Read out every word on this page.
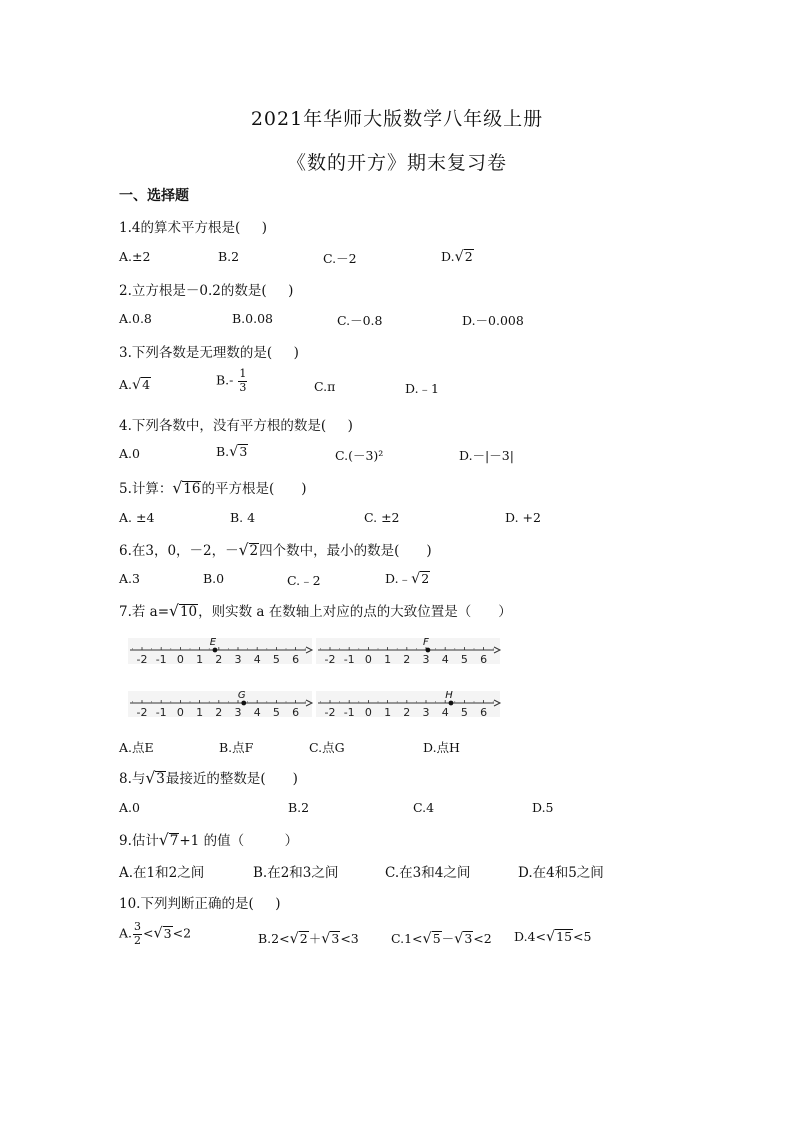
2021年华师大版数学八年级上册
《数的开方》期末复习卷
一、选择题
1.4的算术平方根是( )
A.±2	B.2	C.－2	D.√2
2.立方根是－0.2的数是( )
A.0.8	B.0.08	C.－0.8	D.－0.008
3.下列各数是无理数的是( )
A.√4	$B.- \frac{1}{3}$	C.π	D.﹣1
4.下列各数中，没有平方根的数是( )
A.0	B.√3	C.(－3)²	D.－|－3|
5.计算：√16的平方根是(　　)
A. ±4	B. 4	C. ±2	D. +2
6.在3，0，－2，－√2四个数中，最小的数是(　　)
A.3	B.0	C.﹣2	D.﹣√2
7.若 a=√10，则实数 a 在数轴上对应的点的大致位置是（　　）
-2 -1 0 1 2 3 4 5 6
E
-2 -1 0 1 2 3 4 5 6
F
-2 -1 0 1 2 3 4 5 6
G
-2 -1 0 1 2 3 4 5 6
H
A.点E	B.点F	C.点G	D.点H
8.与√3最接近的整数是(　　)
A.0	B.2	C.4	D.5
9.估计√7+1 的值（　　　）
A.在1和2之间	B.在2和3之间	C.在3和4之间	D.在4和5之间
10.下列判断正确的是( )
A. $\frac{3}{2} <√3<2$	B.2<√2＋√3<3	C.1<√5－√3<2 D.4<√15<5
